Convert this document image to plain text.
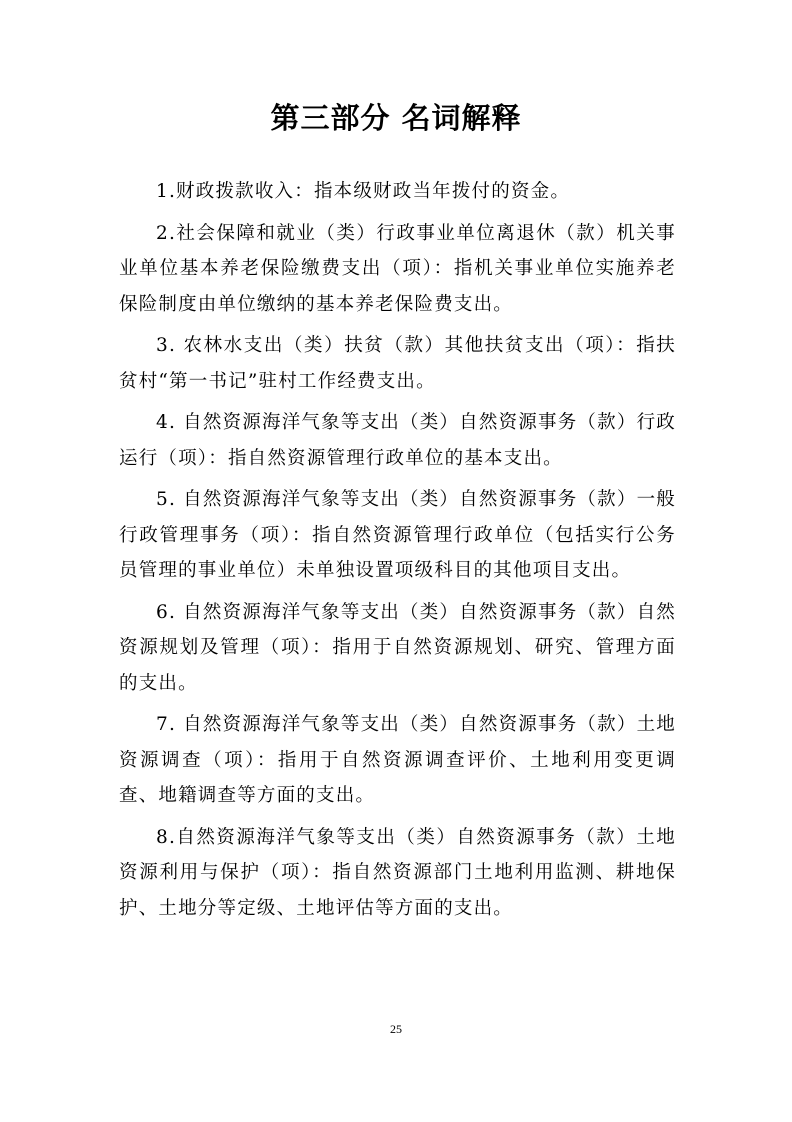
第三部分 名词解释

1.财政拨款收入：指本级财政当年拨付的资金。

2.社会保障和就业（类）行政事业单位离退休（款）机关事业单位基本养老保险缴费支出（项）：指机关事业单位实施养老保险制度由单位缴纳的基本养老保险费支出。

3. 农林水支出（类）扶贫（款）其他扶贫支出（项）：指扶贫村“第一书记”驻村工作经费支出。

4. 自然资源海洋气象等支出（类）自然资源事务（款）行政运行（项）：指自然资源管理行政单位的基本支出。

5. 自然资源海洋气象等支出（类）自然资源事务（款）一般行政管理事务（项）：指自然资源管理行政单位（包括实行公务员管理的事业单位）未单独设置项级科目的其他项目支出。

6. 自然资源海洋气象等支出（类）自然资源事务（款）自然资源规划及管理（项）：指用于自然资源规划、研究、管理方面的支出。

7. 自然资源海洋气象等支出（类）自然资源事务（款）土地资源调查（项）：指用于自然资源调查评价、土地利用变更调查、地籍调查等方面的支出。

8.自然资源海洋气象等支出（类）自然资源事务（款）土地资源利用与保护（项）：指自然资源部门土地利用监测、耕地保护、土地分等定级、土地评估等方面的支出。

25
